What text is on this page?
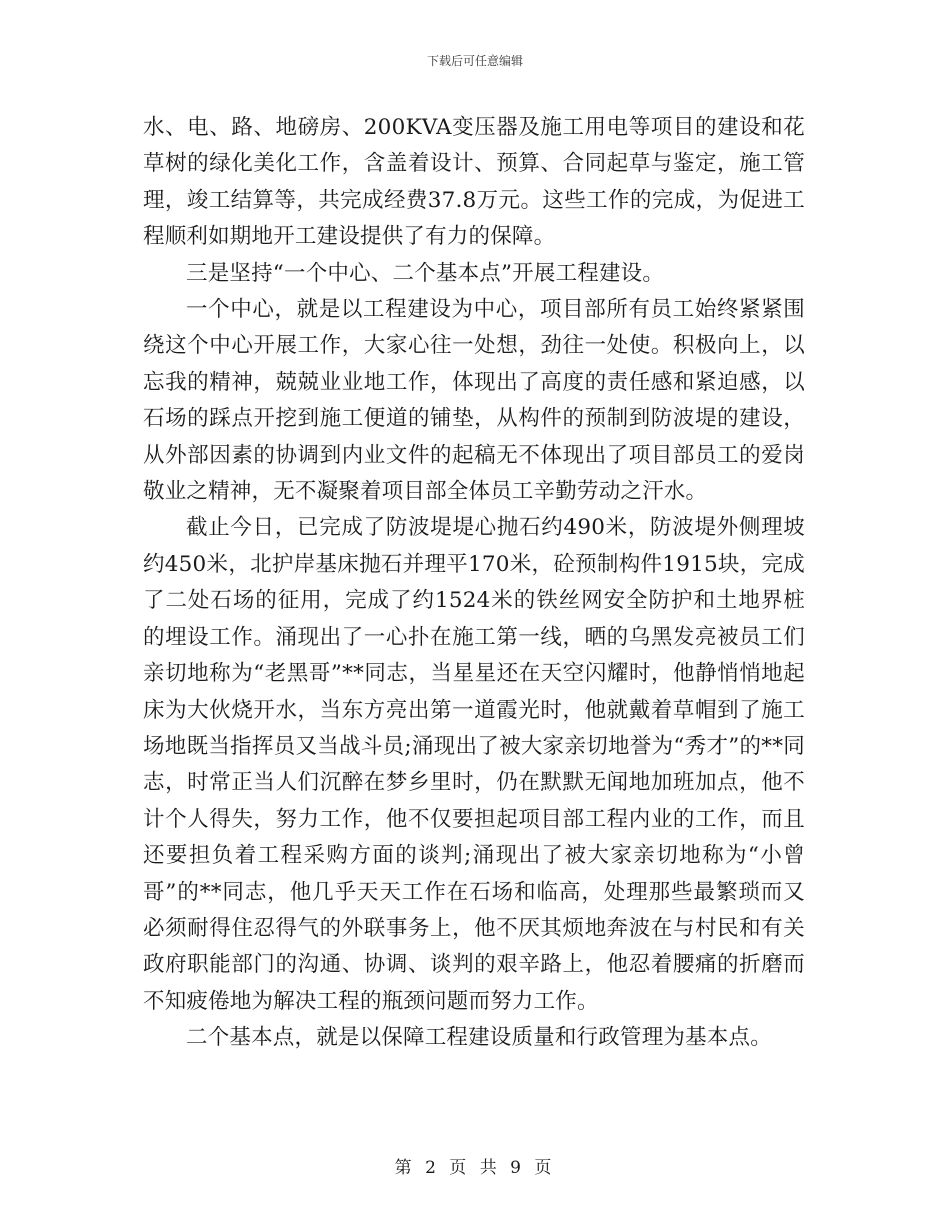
下载后可任意编辑

水、电、路、地磅房、200KVA变压器及施工用电等项目的建设和花草树的绿化美化工作，含盖着设计、预算、合同起草与鉴定，施工管理，竣工结算等，共完成经费37.8万元。这些工作的完成，为促进工程顺利如期地开工建设提供了有力的保障。

三是坚持“一个中心、二个基本点”开展工程建设。

一个中心，就是以工程建设为中心，项目部所有员工始终紧紧围绕这个中心开展工作，大家心往一处想，劲往一处使。积极向上，以忘我的精神，兢兢业业地工作，体现出了高度的责任感和紧迫感，以石场的踩点开挖到施工便道的铺垫，从构件的预制到防波堤的建设，从外部因素的协调到内业文件的起稿无不体现出了项目部员工的爱岗敬业之精神，无不凝聚着项目部全体员工辛勤劳动之汗水。

截止今日，已完成了防波堤堤心抛石约490米，防波堤外侧理坡约450米，北护岸基床抛石并理平170米，砼预制构件1915块，完成了二处石场的征用，完成了约1524米的铁丝网安全防护和土地界桩的埋设工作。涌现出了一心扑在施工第一线，晒的乌黑发亮被员工们亲切地称为“老黑哥”**同志，当星星还在天空闪耀时，他静悄悄地起床为大伙烧开水，当东方亮出第一道霞光时，他就戴着草帽到了施工场地既当指挥员又当战斗员;涌现出了被大家亲切地誉为“秀才”的**同志，时常正当人们沉醉在梦乡里时，仍在默默无闻地加班加点，他不计个人得失，努力工作，他不仅要担起项目部工程内业的工作，而且还要担负着工程采购方面的谈判;涌现出了被大家亲切地称为“小曾哥”的**同志，他几乎天天工作在石场和临高，处理那些最繁琐而又必须耐得住忍得气的外联事务上，他不厌其烦地奔波在与村民和有关政府职能部门的沟通、协调、谈判的艰辛路上，他忍着腰痛的折磨而不知疲倦地为解决工程的瓶颈问题而努力工作。

二个基本点，就是以保障工程建设质量和行政管理为基本点。

第 2 页 共 9 页
